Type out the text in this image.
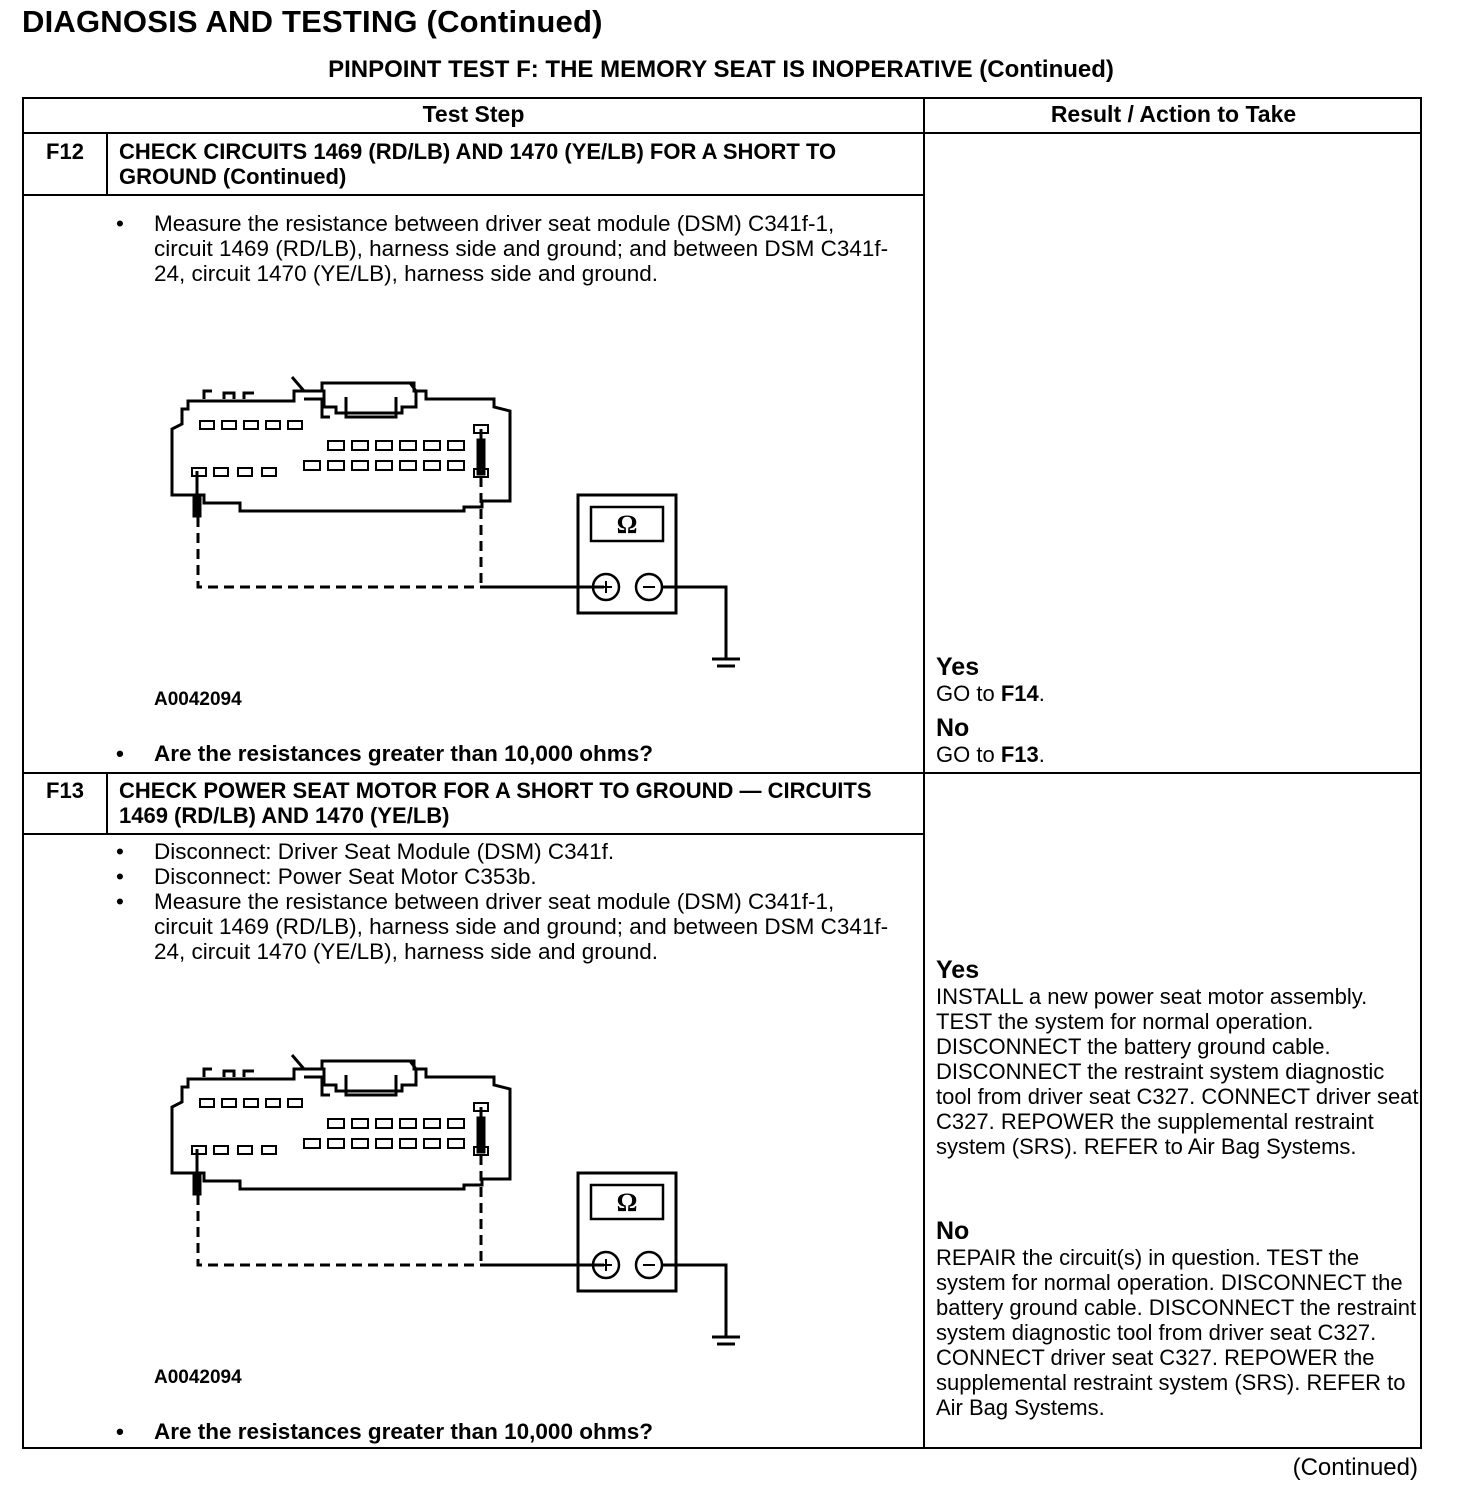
DIAGNOSIS AND TESTING (Continued)
PINPOINT TEST F: THE MEMORY SEAT IS INOPERATIVE (Continued)
Test Step	Result / Action to Take
F12	CHECK CIRCUITS 1469 (RD/LB) AND 1470 (YE/LB) FOR A SHORT TO GROUND (Continued)
• Measure the resistance between driver seat module (DSM) C341f-1, circuit 1469 (RD/LB), harness side and ground; and between DSM C341f-24, circuit 1470 (YE/LB), harness side and ground.
Ω
A0042094
• Are the resistances greater than 10,000 ohms?
Yes
GO to F14.
No
GO to F13.
F13	CHECK POWER SEAT MOTOR FOR A SHORT TO GROUND — CIRCUITS 1469 (RD/LB) AND 1470 (YE/LB)
• Disconnect: Driver Seat Module (DSM) C341f.
• Disconnect: Power Seat Motor C353b.
• Measure the resistance between driver seat module (DSM) C341f-1, circuit 1469 (RD/LB), harness side and ground; and between DSM C341f-24, circuit 1470 (YE/LB), harness side and ground.
Ω
A0042094
• Are the resistances greater than 10,000 ohms?
Yes
INSTALL a new power seat motor assembly. TEST the system for normal operation. DISCONNECT the battery ground cable. DISCONNECT the restraint system diagnostic tool from driver seat C327. CONNECT driver seat C327. REPOWER the supplemental restraint system (SRS). REFER to Air Bag Systems.
No
REPAIR the circuit(s) in question. TEST the system for normal operation. DISCONNECT the battery ground cable. DISCONNECT the restraint system diagnostic tool from driver seat C327. CONNECT driver seat C327. REPOWER the supplemental restraint system (SRS). REFER to Air Bag Systems.
(Continued)
